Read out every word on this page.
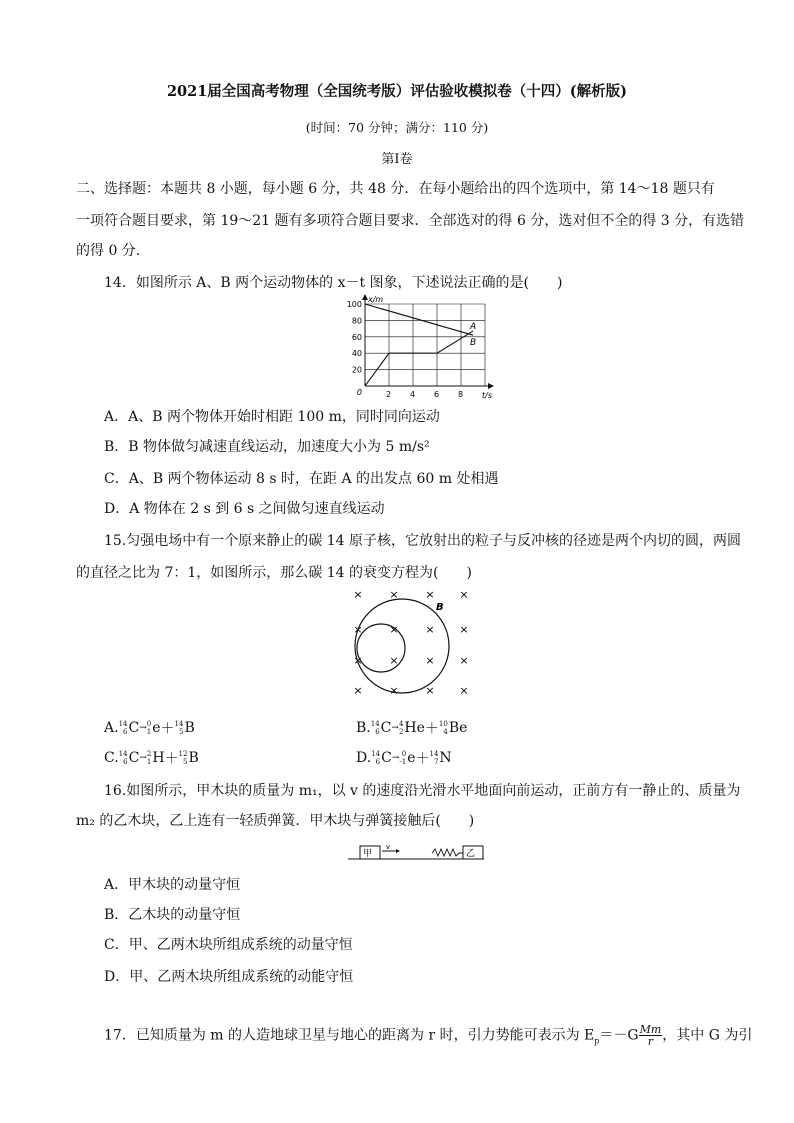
2021届全国高考物理（全国统考版）评估验收模拟卷（十四）(解析版)
(时间：70 分钟；满分：110 分)
第Ⅰ卷
二、选择题：本题共 8 小题，每小题 6 分，共 48 分．在每小题给出的四个选项中，第 14～18 题只有
一项符合题目要求，第 19～21 题有多项符合题目要求．全部选对的得 6 分，选对但不全的得 3 分，有选错
的得 0 分．
14．如图所示 A、B 两个运动物体的 x－t 图象，下述说法正确的是(　　)
x/m
t/s
2 4 6 8
100
80
60
40
20
0
A
B
A．A、B 两个物体开始时相距 100 m，同时同向运动
B．B 物体做匀减速直线运动，加速度大小为 5 m/s²
C．A、B 两个物体运动 8 s 时，在距 A 的出发点 60 m 处相遇
D．A 物体在 2 s 到 6 s 之间做匀速直线运动
15.匀强电场中有一个原来静止的碳 14 原子核，它放射出的粒子与反冲核的径迹是两个内切的圆，两圆
的直径之比为 7：1，如图所示，那么碳 14 的衰变方程为(　　)
× × × ×
× × × ×
× × × ×
× × × ×
B
A. 14
6 C → 0
1 e ＋ 14
5 B	B. 14
6 C → 4
2 He ＋ 10
4 Be
C. 14
6 C → 2
1 H ＋ 12
5 B	D. 14
6 C → 0
-1 e ＋ 14
7 N
16.如图所示，甲木块的质量为 m₁，以 v 的速度沿光滑水平地面向前运动，正前方有一静止的、质量为
m₂ 的乙木块，乙上连有一轻质弹簧．甲木块与弹簧接触后(　　)
甲
v
乙
A．甲木块的动量守恒
B．乙木块的动量守恒
C．甲、乙两木块所组成系统的动量守恒
D．甲、乙两木块所组成系统的动能守恒
17．已知质量为 m 的人造地球卫星与地心的距离为 r 时，引力势能可表示为 $E_p=-G \frac{Mm}{r}$ ，其中 G 为引
